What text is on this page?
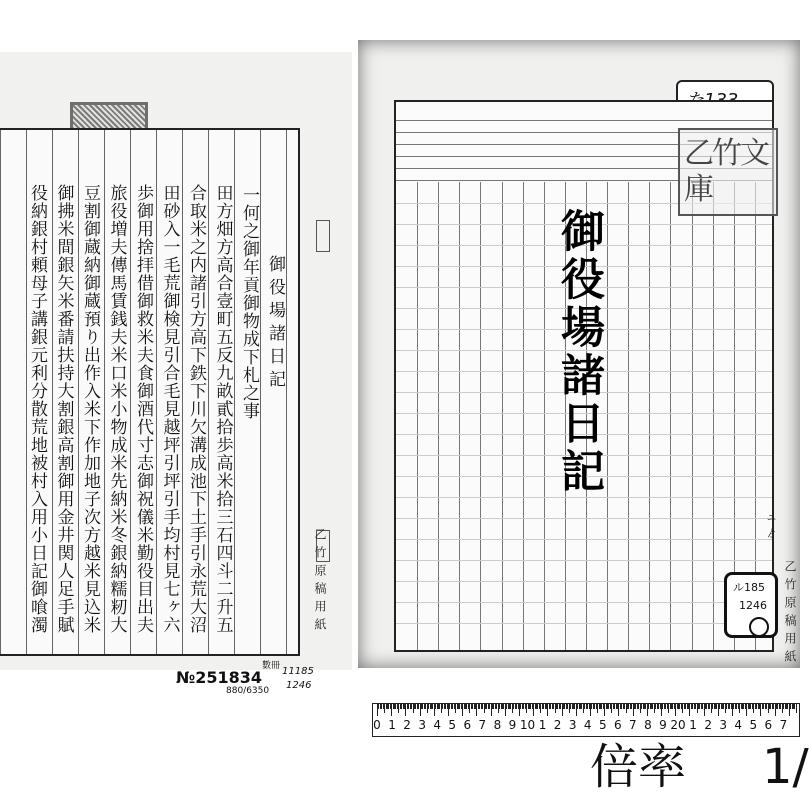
御役場諸日記
一何之御年貢御物成下札之事
田方畑方高合壹町五反九畝貳拾歩高米拾三石四斗二升五
合取米之内諸引方高下鉄下川欠溝成池下土手引永荒大沼
田砂入一毛荒御検見引合毛見越坪引坪引手均村見七ヶ六
歩御用捨拝借御救米夫食御酒代寸志御祝儀米勤役目出夫
旅役増夫傳馬賃銭夫米口米小物成米先納米冬銀納糯籾大
豆割御蔵納御蔵預り出作入米下作加地子次方越米見込米
御拂米間銀矢米番請扶持大割銀高割御用金井関人足手賦
役納銀村頼母子講銀元利分散荒地被村入用小日記御喰濁	乙竹原稿用紙
№251834
880/6350
11185
1246
數冊
乙竹文庫
御役場諸日記
ニゟ
乙竹原稿用紙
ル185
1246
0 1 2 3 4 5 6 7 8 9 10 1 2 3 4 5 6 7 8 9 20 1 2 3 4 5 6 7
倍率 1/
